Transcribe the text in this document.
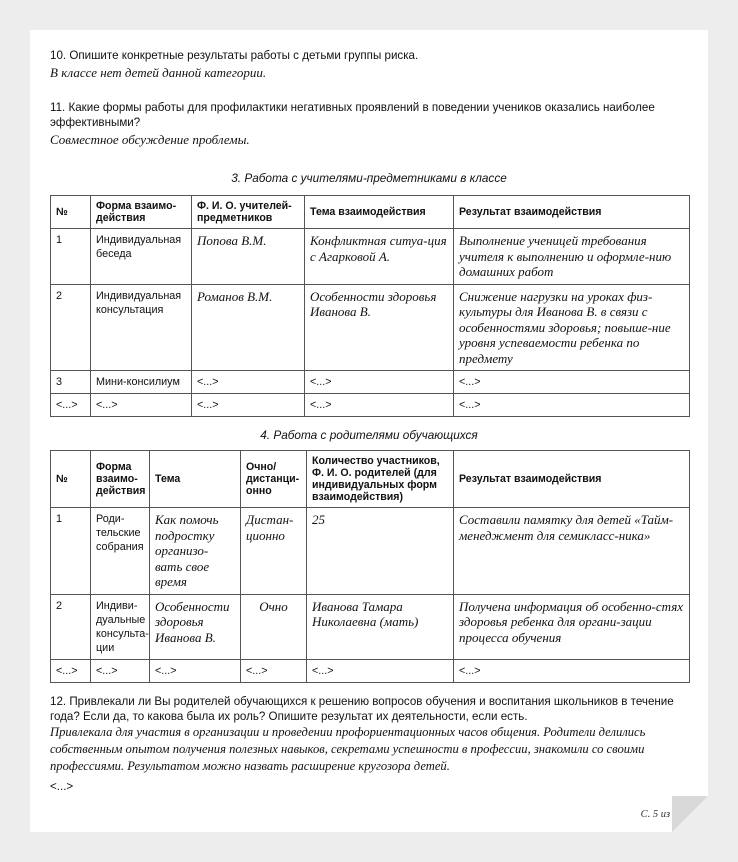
10. Опишите конкретные результаты работы с детьми группы риска.
В классе нет детей данной категории.
11. Какие формы работы для профилактики негативных проявлений в поведении учеников оказались наиболее эффективными?
Совместное обсуждение проблемы.
3. Работа с учителями-предметниками в классе
№	Форма взаимо-действия	Ф. И. О. учителей-предметников	Тема взаимодействия	Результат взаимодействия
1	Индивидуальная беседа	Попова В.М.	Конфликтная ситуа-ция с Агарковой А.	Выполнение ученицей требования учителя к выполнению и оформле-нию домашних работ
2	Индивидуальная консультация	Романов В.М.	Особенности здоровья Иванова В.	Снижение нагрузки на уроках физ-культуры для Иванова В. в связи с особенностями здоровья; повыше-ние уровня успеваемости ребенка по предмету
3	Мини-консилиум	<...>	<...>	<...>
<...>	<...>	<...>	<...>	<...>
4. Работа с родителями обучающихся
№	Форма взаимо-действия	Тема	Очно/ дистанци-онно	Количество участников, Ф. И. О. родителей (для индивидуальных форм взаимодействия)	Результат взаимодействия
1	Роди-тельские собрания	Как помочь подростку организо-вать свое время	Дистан-ционно	25	Составили памятку для детей «Тайм-менеджмент для семикласс-ника»
2	Индиви-дуальные консульта-ции	Особенности здоровья Иванова В.	Очно	Иванова Тамара Николаевна (мать)	Получена информация об особенно-стях здоровья ребенка для органи-зации процесса обучения
<...>	<...>	<...>	<...>	<...>	<...>
12. Привлекали ли Вы родителей обучающихся к решению вопросов обучения и воспитания школьников в течение года? Если да, то какова была их роль? Опишите результат их деятельности, если есть.
Привлекала для участия в организации и проведении профориентационных часов общения. Родители делились собственным опытом получения полезных навыков, секретами успешности в профессии, знакомили со своими профессиями. Результатом можно назвать расширение кругозора детей.
<...>
С. 5 из 6
